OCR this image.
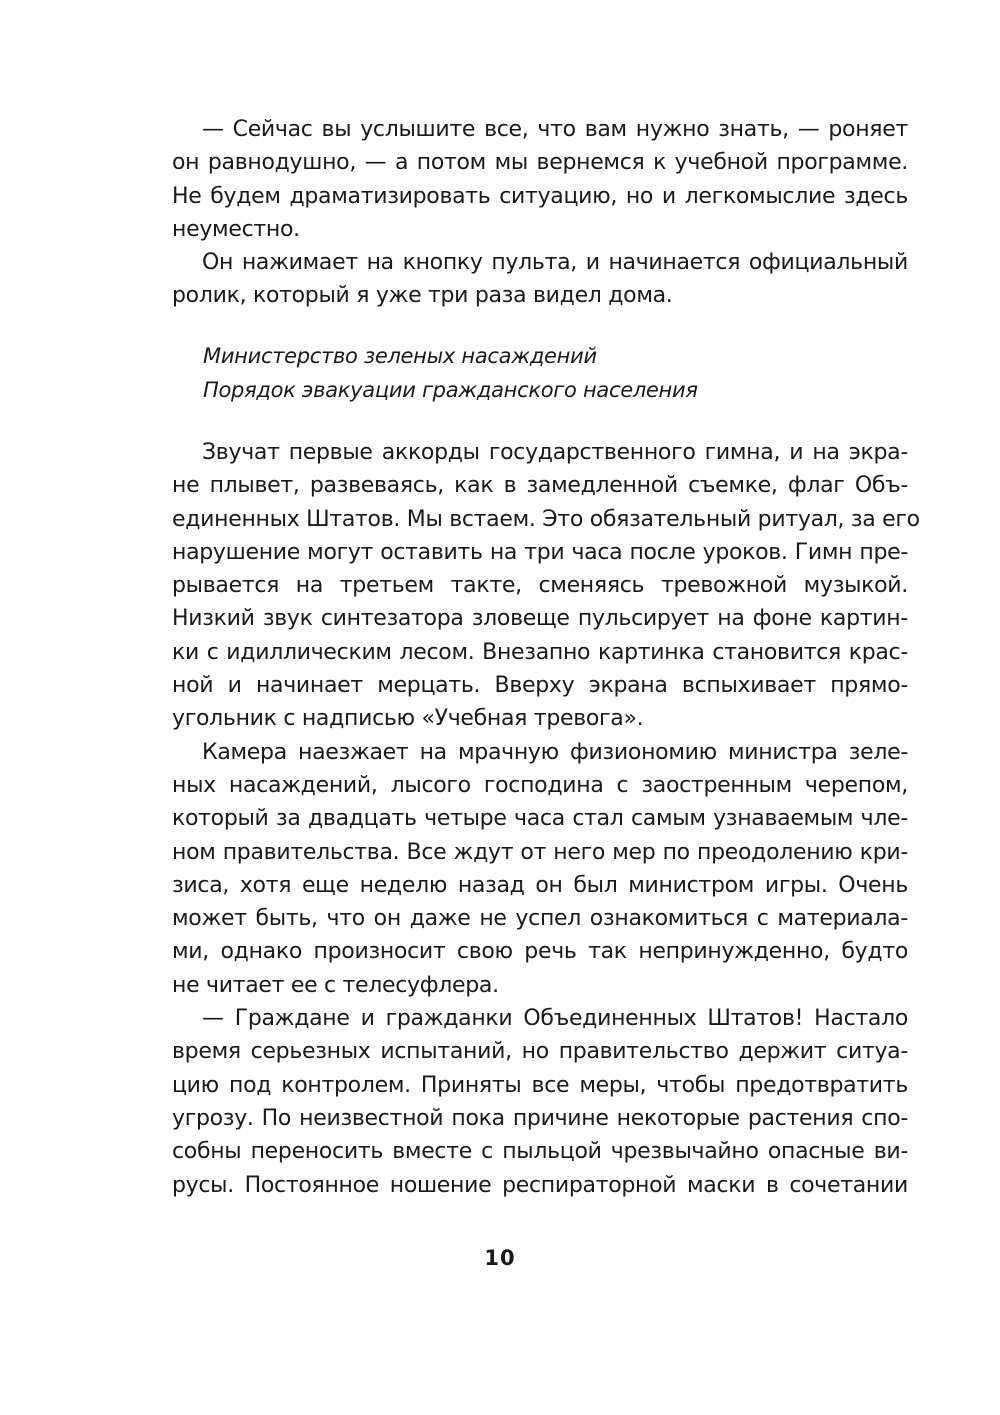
— Сейчас вы услышите все, что вам нужно знать, — роняет
он равнодушно, — а потом мы вернемся к учебной программе.
Не будем драматизировать ситуацию, но и легкомыслие здесь
неуместно.
Он нажимает на кнопку пульта, и начинается официальный
ролик, который я уже три раза видел дома.
Министерство зеленых насаждений
Порядок эвакуации гражданского населения
Звучат первые аккорды государственного гимна, и на экра-
не плывет, развеваясь, как в замедленной съемке, флаг Объ-
единенных Штатов. Мы встаем. Это обязательный ритуал, за его
нарушение могут оставить на три часа после уроков. Гимн пре-
рывается на третьем такте, сменяясь тревожной музыкой.
Низкий звук синтезатора зловеще пульсирует на фоне картин-
ки с идиллическим лесом. Внезапно картинка становится крас-
ной и начинает мерцать. Вверху экрана вспыхивает прямо-
угольник с надписью «Учебная тревога».
Камера наезжает на мрачную физиономию министра зеле-
ных насаждений, лысого господина с заостренным черепом,
который за двадцать четыре часа стал самым узнаваемым чле-
ном правительства. Все ждут от него мер по преодолению кри-
зиса, хотя еще неделю назад он был министром игры. Очень
может быть, что он даже не успел ознакомиться с материала-
ми, однако произносит свою речь так непринужденно, будто
не читает ее с телесуфлера.
— Граждане и гражданки Объединенных Штатов! Настало
время серьезных испытаний, но правительство держит ситуа-
цию под контролем. Приняты все меры, чтобы предотвратить
угрозу. По неизвестной пока причине некоторые растения спо-
собны переносить вместе с пыльцой чрезвычайно опасные ви-
русы. Постоянное ношение респираторной маски в сочетании
10
